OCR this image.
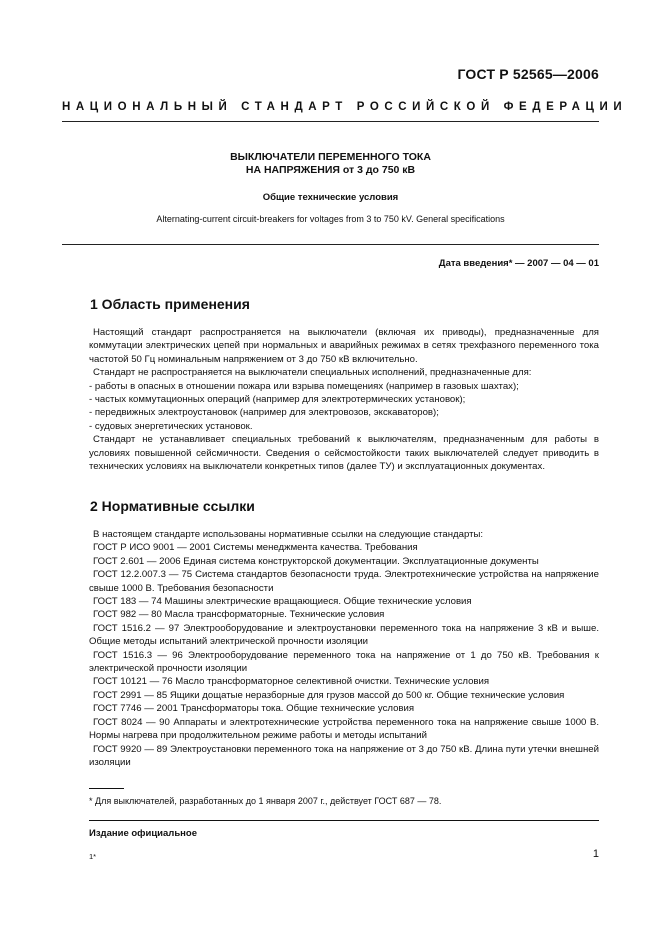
ГОСТ Р 52565—2006
НАЦИОНАЛЬНЫЙ СТАНДАРТ РОССИЙСКОЙ ФЕДЕРАЦИИ
ВЫКЛЮЧАТЕЛИ ПЕРЕМЕННОГО ТОКА
НА НАПРЯЖЕНИЯ от 3 до 750 кВ
Общие технические условия
Alternating-current circuit-breakers for voltages from 3 to 750 kV. General specifications
Дата введения* — 2007 — 04 — 01
1 Область применения

Настоящий стандарт распространяется на выключатели (включая их приводы), предназначенные для коммутации электрических цепей при нормальных и аварийных режимах в сетях трехфазного переменного тока частотой 50 Гц номинальным напряжением от 3 до 750 кВ включительно.

Стандарт не распространяется на выключатели специальных исполнений, предназначенные для:

- работы в опасных в отношении пожара или взрыва помещениях (например в газовых шахтах);

- частых коммутационных операций (например для электротермических установок);

- передвижных электроустановок (например для электровозов, экскаваторов);

- судовых энергетических установок.

Стандарт не устанавливает специальных требований к выключателям, предназначенным для работы в условиях повышенной сейсмичности. Сведения о сейсмостойкости таких выключателей следует приводить в технических условиях на выключатели конкретных типов (далее ТУ) и эксплуатационных документах.

2 Нормативные ссылки

В настоящем стандарте использованы нормативные ссылки на следующие стандарты:

ГОСТ Р ИСО 9001 — 2001 Системы менеджмента качества. Требования

ГОСТ 2.601 — 2006 Единая система конструкторской документации. Эксплуатационные документы

ГОСТ 12.2.007.3 — 75 Система стандартов безопасности труда. Электротехнические устройства на напряжение свыше 1000 В. Требования безопасности

ГОСТ 183 — 74 Машины электрические вращающиеся. Общие технические условия

ГОСТ 982 — 80 Масла трансформаторные. Технические условия

ГОСТ 1516.2 — 97 Электрооборудование и электроустановки переменного тока на напряжение 3 кВ и выше. Общие методы испытаний электрической прочности изоляции

ГОСТ 1516.3 — 96 Электрооборудование переменного тока на напряжение от 1 до 750 кВ. Требования к электрической прочности изоляции

ГОСТ 10121 — 76 Масло трансформаторное селективной очистки. Технические условия

ГОСТ 2991 — 85 Ящики дощатые неразборные для грузов массой до 500 кг. Общие технические условия

ГОСТ 7746 — 2001 Трансформаторы тока. Общие технические условия

ГОСТ 8024 — 90 Аппараты и электротехнические устройства переменного тока на напряжение свыше 1000 В. Нормы нагрева при продолжительном режиме работы и методы испытаний

ГОСТ 9920 — 89 Электроустановки переменного тока на напряжение от 3 до 750 кВ. Длина пути утечки внешней изоляции

* Для выключателей, разработанных до 1 января 2007 г., действует ГОСТ 687 — 78.
Издание официальное
1*	1
